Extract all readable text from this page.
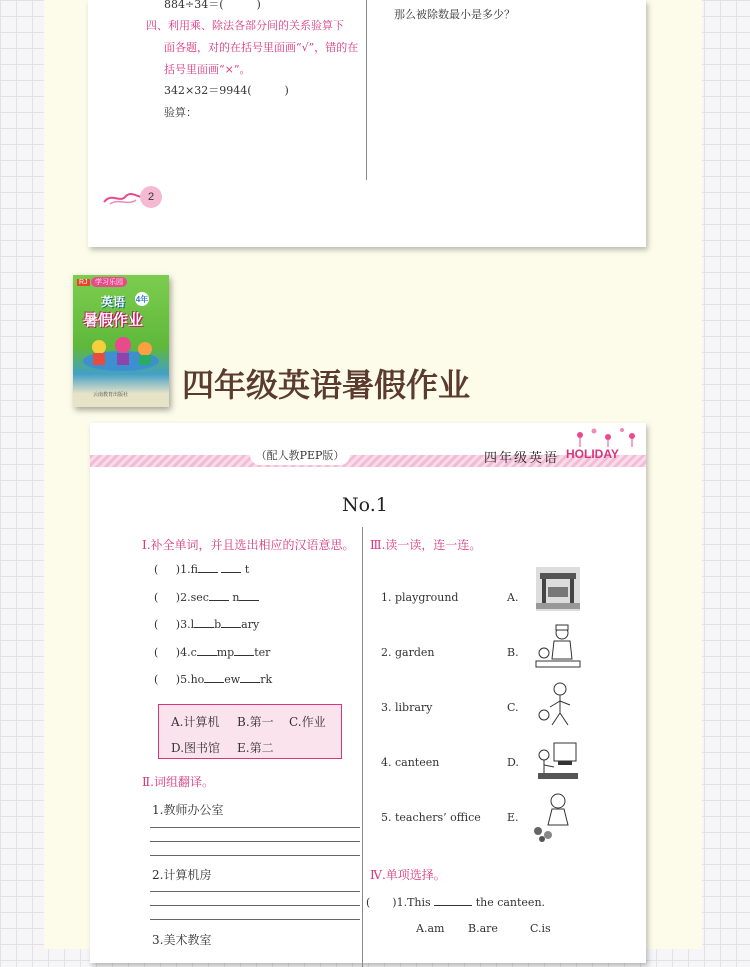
884÷34＝(　　　)
四、利用乘、除法各部分间的关系验算下
面各题，对的在括号里面画“√”，错的在
括号里面画“×”。
342×32＝9944(　　　)
验算：
那么被除数最小是多少？
2
RJ	学习乐园
英语 4年
暑假作业
云南教育出版社 四年级英语暑假作业
（配人教PEP版）	四年级英语 HOLIDAY
No.1
Ⅰ.补全单词，并且选出相应的汉语意思。
( )1.fi	t
( )2.sec n
( )3.l b ary
( )4.c mp ter
( )5.ho ew rk
A.计算机 B.第一 C.作业
D.图书馆 E.第二
Ⅱ.词组翻译。
1.教师办公室
2.计算机房
3.美术教室
Ⅲ.读一读，连一连。
1. playground	A.
2. garden	B.
3. library	C.
4. canteen	D.
5. teachers’ office E.
Ⅳ.单项选择。
(　　)1.This	the canteen.
A.am B.are	C.is
